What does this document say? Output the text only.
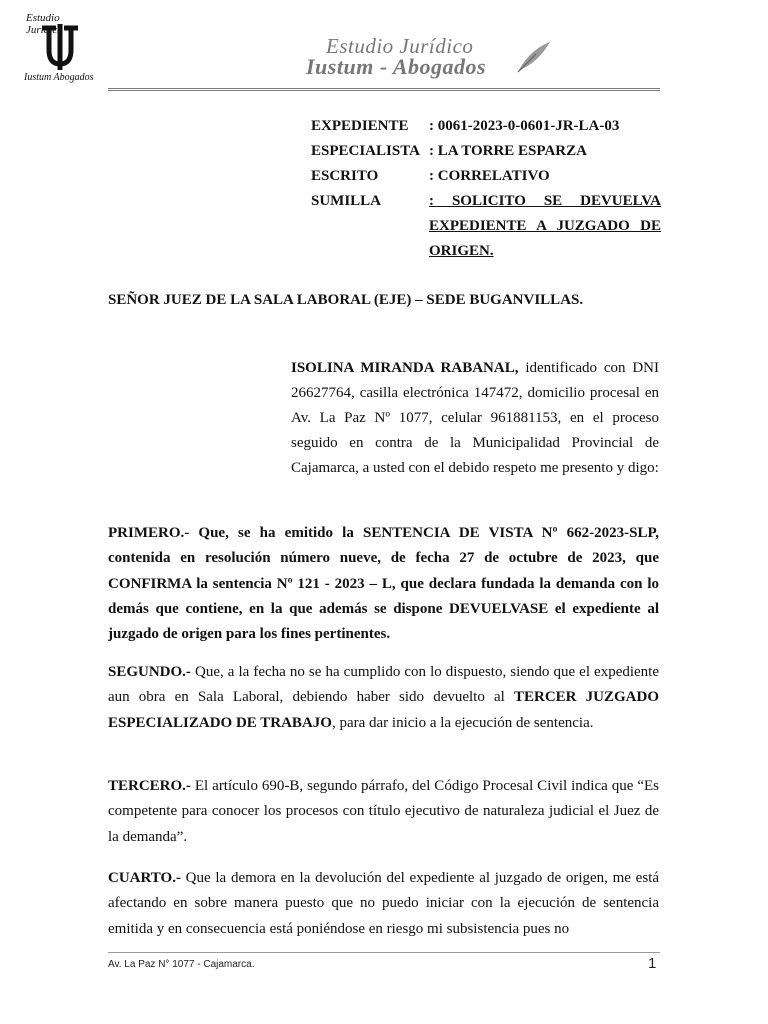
Estudio Jurídico
Iustum Abogados
Estudio Jurídico
Iustum - Abogados
EXPEDIENTE	: 0061-2023-0-0601-JR-LA-03
ESPECIALISTA : LA TORRE ESPARZA
ESCRITO	: CORRELATIVO
SUMILLA	: SOLICITO SE DEVUELVA EXPEDIENTE A JUZGADO DE ORIGEN.
SEÑOR JUEZ DE LA SALA LABORAL (EJE) – SEDE BUGANVILLAS.
ISOLINA MIRANDA RABANAL, identificado con DNI 26627764, casilla electrónica 147472, domicilio procesal en Av. La Paz Nº 1077, celular 961881153, en el proceso seguido en contra de la Municipalidad Provincial de Cajamarca, a usted con el debido respeto me presento y digo:
PRIMERO.- Que, se ha emitido la SENTENCIA DE VISTA Nº 662-2023-SLP, contenida en resolución número nueve, de fecha 27 de octubre de 2023, que CONFIRMA la sentencia Nº 121 - 2023 – L, que declara fundada la demanda con lo demás que contiene, en la que además se dispone DEVUELVASE el expediente al juzgado de origen para los fines pertinentes.
SEGUNDO.- Que, a la fecha no se ha cumplido con lo dispuesto, siendo que el expediente aun obra en Sala Laboral, debiendo haber sido devuelto al TERCER JUZGADO ESPECIALIZADO DE TRABAJO, para dar inicio a la ejecución de sentencia.
TERCERO.- El artículo 690-B, segundo párrafo, del Código Procesal Civil indica que “Es competente para conocer los procesos con título ejecutivo de naturaleza judicial el Juez de la demanda”.
CUARTO.- Que la demora en la devolución del expediente al juzgado de origen, me está afectando en sobre manera puesto que no puedo iniciar con la ejecución de sentencia emitida y en consecuencia está poniéndose en riesgo mi subsistencia pues no
Av. La Paz N° 1077 - Cajamarca.	1
